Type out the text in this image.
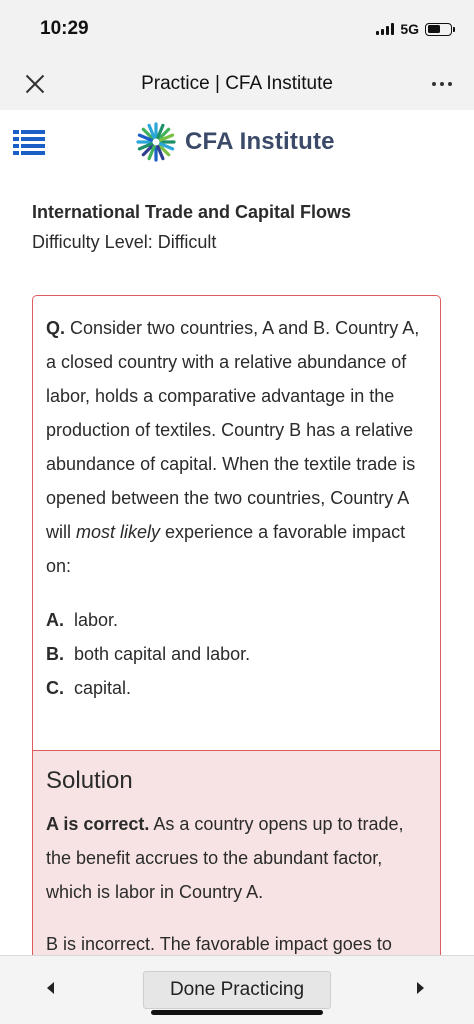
10:29	5G
Practice | CFA Institute
CFA Institute
International Trade and Capital Flows
Difficulty Level: Difficult
Q. Consider two countries, A and B. Country A, a closed country with a relative abundance of labor, holds a comparative advantage in the production of textiles. Country B has a relative abundance of capital. When the textile trade is opened between the two countries, Country A will most likely experience a favorable impact on:
A. labor.
B. both capital and labor.
C. capital.
Solution
A is correct. As a country opens up to trade, the benefit accrues to the abundant factor, which is labor in Country A.
B is incorrect. The favorable impact goes to
Done Practicing
